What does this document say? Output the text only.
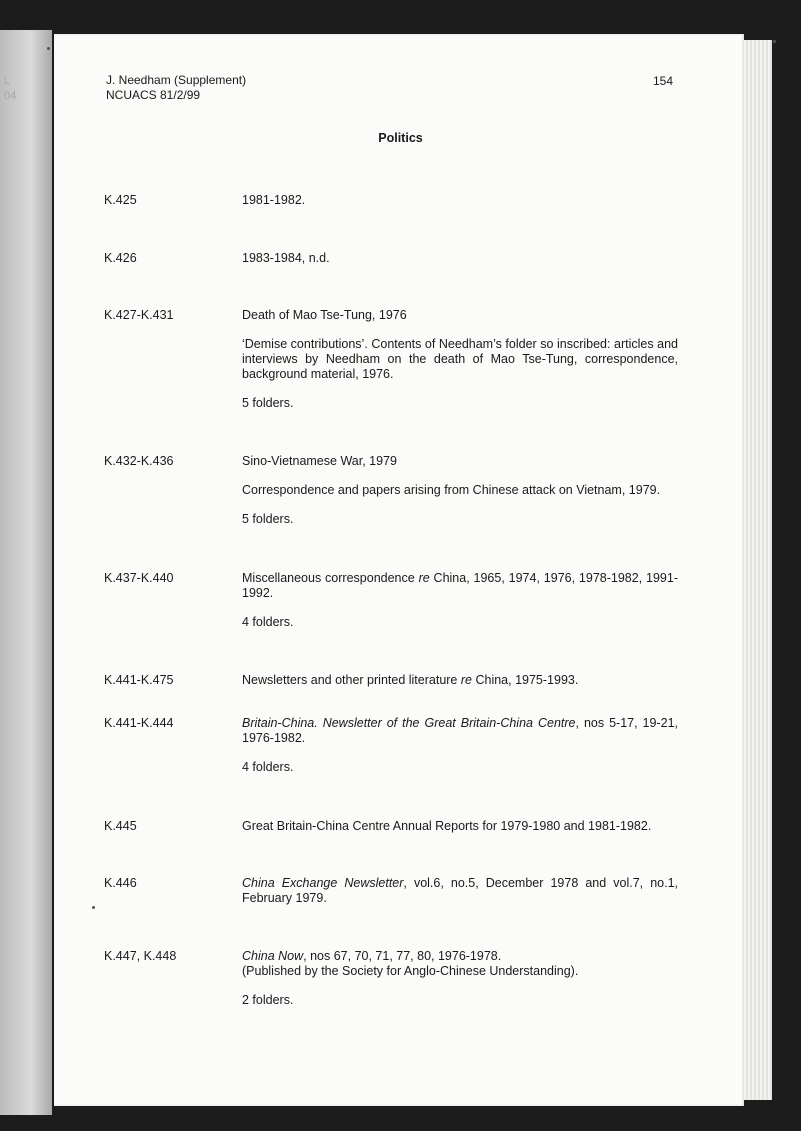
L
04
J. Needham (Supplement)
NCUACS 81/2/99
154
Politics
K.425	1981-1982.
K.426	1983-1984, n.d.
K.427-K.431	Death of Mao Tse-Tung, 1976
‘Demise contributions’. Contents of Needham’s folder so inscribed: articles and interviews by Needham on the death of Mao Tse-Tung, correspondence, background material, 1976.
5 folders.
K.432-K.436	Sino-Vietnamese War, 1979
Correspondence and papers arising from Chinese attack on Vietnam, 1979.
5 folders.
K.437-K.440	Miscellaneous correspondence re China, 1965, 1974, 1976, 1978-1982, 1991-1992.
4 folders.
K.441-K.475	Newsletters and other printed literature re China, 1975-1993.
K.441-K.444	Britain-China. Newsletter of the Great Britain-China Centre, nos 5-17, 19-21, 1976-1982.
4 folders.
K.445	Great Britain-China Centre Annual Reports for 1979-1980 and 1981-1982.
K.446	China Exchange Newsletter, vol.6, no.5, December 1978 and vol.7, no.1, February 1979.
K.447, K.448	China Now, nos 67, 70, 71, 77, 80, 1976-1978.
(Published by the Society for Anglo-Chinese Understanding).
2 folders.
